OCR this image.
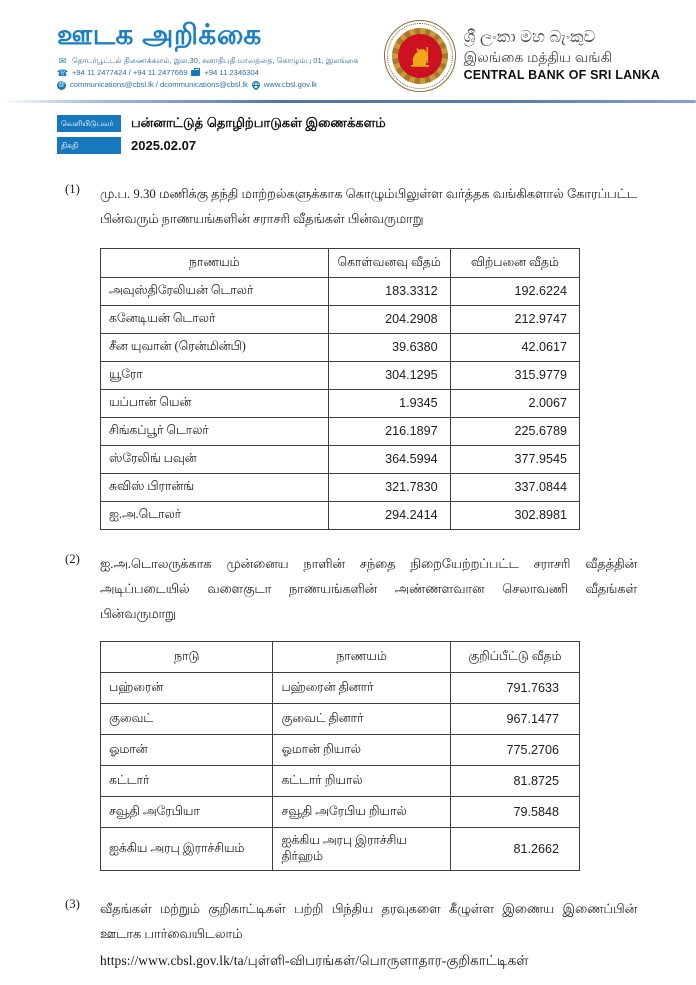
ஊடக அறிக்கை
✉ தொடர்பூட்டல் திணைக்களம், இல.30, சனாதிபதி மாவத்தை, கொழும்பு 01, இலங்கை
☎ +94 11 2477424 / +94 11 2477669 +94 11 2346304
@ communications@cbsl.lk / dcommunications@cbsl.lk www.cbsl.gov.lk
ශ්‍රී ලංකා මහ බැංකුව
இலங்கை மத்திய வங்கி
CENTRAL BANK OF SRI LANKA
வெளியிடுபவர்	பன்னாட்டுத் தொழிற்பாடுகள் இணைக்களம்
திகதி	2025.02.07
(1)	மு.ப. 9.30 மணிக்கு தந்தி மாற்றல்களுக்காக கொழும்பிலுள்ள வர்த்தக வங்கிகளால் கோரப்பட்ட பின்வரும் நாணயங்களின் சராசரி வீதங்கள் பின்வருமாறு
நாணயம்	கொள்வனவு வீதம்	விற்பனை வீதம்
அவுஸ்திரேலியன் டொலர்	183.3312	192.6224
கனேடியன் டொலர்	204.2908	212.9747
சீன யுவான் (ரென்மின்பி)	39.6380	42.0617
யூரோ	304.1295	315.9779
யப்பான் யென்	1.9345	2.0067
சிங்கப்பூர் டொலர்	216.1897	225.6789
ஸ்ரேலிங் பவுன்	364.5994	377.9545
சுவிஸ் பிரான்ங்	321.7830	337.0844
ஐ.அ.டொலர்	294.2414	302.8981
(2)	ஐ.அ.டொலருக்காக முன்னைய நாளின் சந்தை நிறையேற்றப்பட்ட சராசரி வீதத்தின் அடிப்படையில் வளைகுடா நாணயங்களின் அண்ணளவான செலாவணி வீதங்கள் பின்வருமாறு
நாடு	நாணயம்	குறிப்பீட்டு வீதம்
பஹ்ரைன்	பஹ்ரைன் தினார்	791.7633
குவைட்	குவைட் தினார்	967.1477
ஓமான்	ஓமான் றியால்	775.2706
கட்டார்	கட்டார் றியால்	81.8725
சவூதி அரேபியா	சவூதி அரேபிய றியால்	79.5848
ஐக்கிய அரபு இராச்சியம்	ஐக்கிய அரபு இராச்சிய திர்ஹம்	81.2662
(3)	வீதங்கள் மற்றும் குறிகாட்டிகள் பற்றி பிந்திய தரவுகளை கீழுள்ள இணைய இணைப்பின் ஊடாக பார்வையிடலாம்
https://www.cbsl.gov.lk/ta/புள்ளி-விபரங்கள்/பொருளாதார-குறிகாட்டிகள்
